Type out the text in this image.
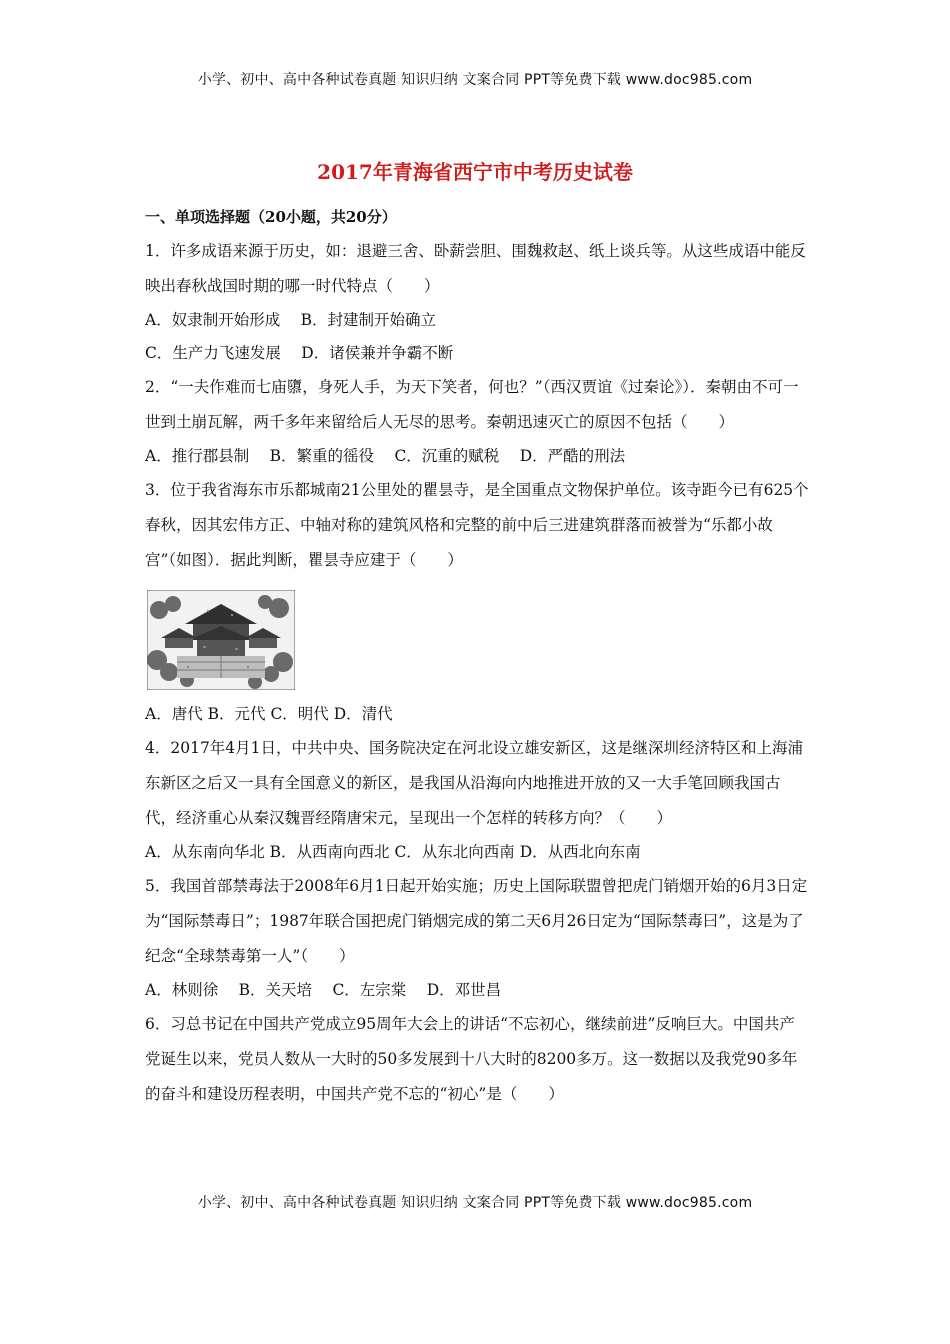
小学、初中、高中各种试卷真题 知识归纳 文案合同 PPT等免费下载 www.doc985.com
2017年青海省西宁市中考历史试卷
一、单项选择题（20小题，共20分）
1．许多成语来源于历史，如：退避三舍、卧薪尝胆、围魏救赵、纸上谈兵等。从这些成语中能反映出春秋战国时期的哪一时代特点（　　）
A．奴隶制开始形成　 B．封建制开始确立
C．生产力飞速发展　 D．诸侯兼并争霸不断
2．“一夫作难而七庙隳，身死人手，为天下笑者，何也？”（西汉贾谊《过秦论》）．秦朝由不可一世到土崩瓦解，两千多年来留给后人无尽的思考。秦朝迅速灭亡的原因不包括（　　）
A．推行郡县制　 B．繁重的徭役　 C．沉重的赋税　 D．严酷的刑法
3．位于我省海东市乐都城南21公里处的瞿昙寺，是全国重点文物保护单位。该寺距今已有625个春秋，因其宏伟方正、中轴对称的建筑风格和完整的前中后三进建筑群落而被誉为“乐都小故宫”（如图）．据此判断，瞿昙寺应建于（　　）
A．唐代 B．元代 C．明代 D．清代
4．2017年4月1日，中共中央、国务院决定在河北设立雄安新区，这是继深圳经济特区和上海浦东新区之后又一具有全国意义的新区，是我国从沿海向内地推进开放的又一大手笔回顾我国古代，经济重心从秦汉魏晋经隋唐宋元，呈现出一个怎样的转移方向？（　　）
A．从东南向华北 B．从西南向西北 C．从东北向西南 D．从西北向东南
5．我国首部禁毒法于2008年6月1日起开始实施；历史上国际联盟曾把虎门销烟开始的6月3日定为“国际禁毒日”；1987年联合国把虎门销烟完成的第二天6月26日定为“国际禁毒曰”，这是为了纪念“全球禁毒第一人”（　　）
A．林则徐　 B．关天培　 C．左宗棠　 D．邓世昌
6．习总书记在中国共产党成立95周年大会上的讲话“不忘初心，继续前进”反响巨大。中国共产党诞生以来，党员人数从一大时的50多发展到十八大时的8200多万。这一数据以及我党90多年的奋斗和建设历程表明，中国共产党不忘的“初心”是（　　）
小学、初中、高中各种试卷真题 知识归纳 文案合同 PPT等免费下载 www.doc985.com
